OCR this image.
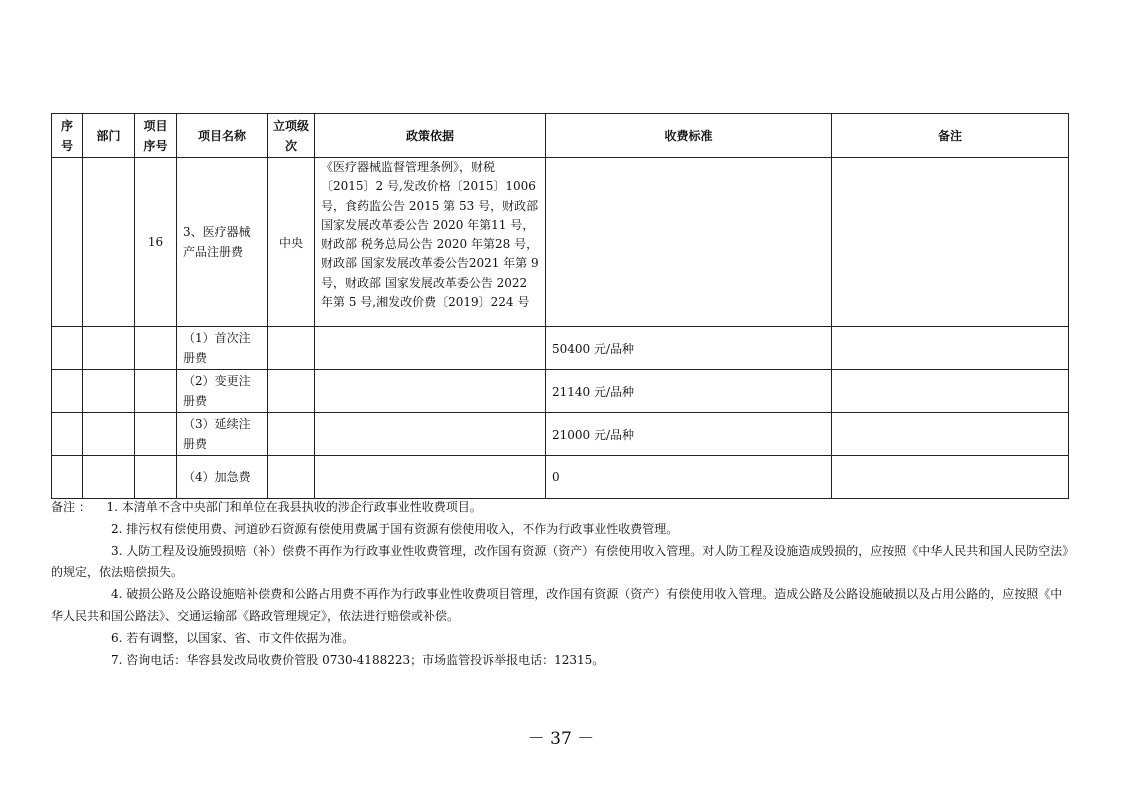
序号	部门	项目序号	项目名称	立项级次	政策依据	收费标准	备注
		16	3、医疗器械产品注册费	中央	《医疗器械监督管理条例》，财税〔2015〕2 号,发改价格〔2015〕1006 号，食药监公告 2015 第 53 号，财政部 国家发展改革委公告 2020 年第11 号，财政部 税务总局公告 2020 年第28 号，财政部 国家发展改革委公告2021 年第 9 号，财政部 国家发展改革委公告 2022 年第 5 号,湘发改价费〔2019〕224 号		
			（1）首次注册费			50400 元/品种	
			（2）变更注册费			21140 元/品种	
			（3）延续注册费			21000 元/品种	
			（4）加急费			0	

备注 ： 1. 本清单不含中央部门和单位在我县执收的涉企行政事业性收费项目。

2. 排污权有偿使用费、河道砂石资源有偿使用费属于国有资源有偿使用收入，不作为行政事业性收费管理。

3. 人防工程及设施毁损赔（补）偿费不再作为行政事业性收费管理，改作国有资源（资产）有偿使用收入管理。对人防工程及设施造成毁损的，应按照《中华人民共和国人民防空法》的规定，依法赔偿损失。

4. 破损公路及公路设施赔补偿费和公路占用费不再作为行政事业性收费项目管理，改作国有资源（资产）有偿使用收入管理。造成公路及公路设施破损以及占用公路的，应按照《中华人民共和国公路法》、交通运输部《路政管理规定》，依法进行赔偿或补偿。

6. 若有调整，以国家、省、市文件依据为准。

7. 咨询电话：华容县发改局收费价管股 0730-4188223；市场监管投诉举报电话：12315。

－ 37 －
